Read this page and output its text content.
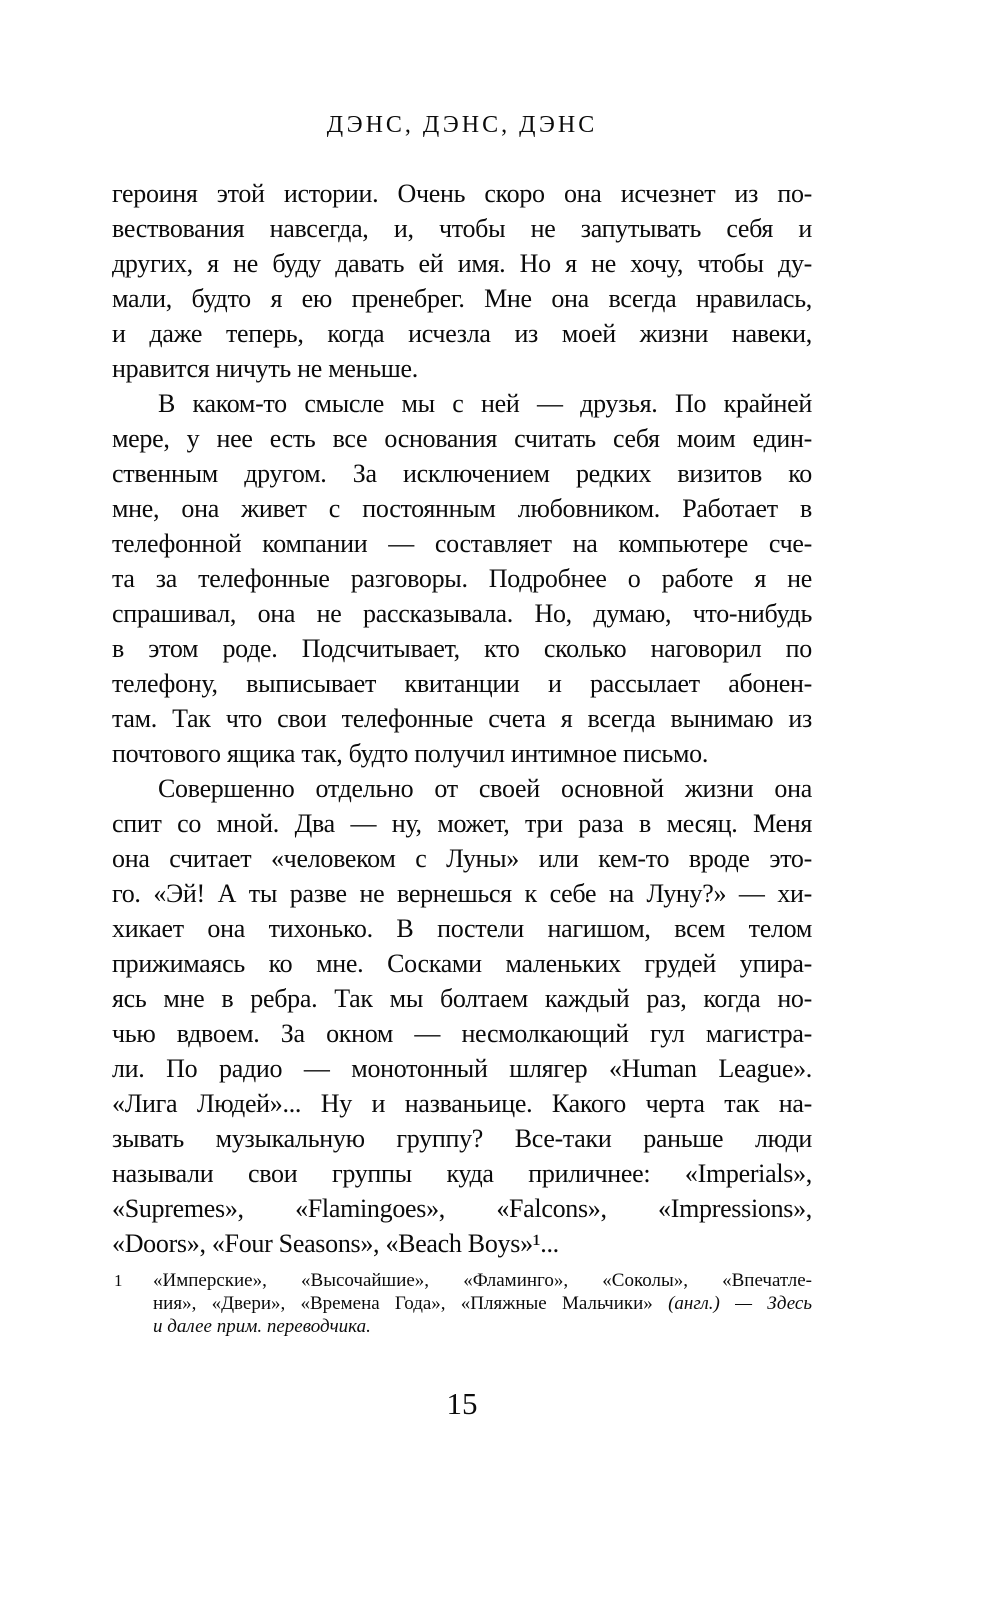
ДЭНС, ДЭНС, ДЭНС
героиня этой истории. Очень скоро она исчезнет из по-
вествования навсегда, и, чтобы не запутывать себя и
других, я не буду давать ей имя. Но я не хочу, чтобы ду-
мали, будто я ею пренебрег. Мне она всегда нравилась,
и даже теперь, когда исчезла из моей жизни навеки,
нравится ничуть не меньше.
В каком-то смысле мы с ней — друзья. По крайней
мере, у нее есть все основания считать себя моим един-
ственным другом. За исключением редких визитов ко
мне, она живет с постоянным любовником. Работает в
телефонной компании — составляет на компьютере сче-
та за телефонные разговоры. Подробнее о работе я не
спрашивал, она не рассказывала. Но, думаю, что-нибудь
в этом роде. Подсчитывает, кто сколько наговорил по
телефону, выписывает квитанции и рассылает абонен-
там. Так что свои телефонные счета я всегда вынимаю из
почтового ящика так, будто получил интимное письмо.
Совершенно отдельно от своей основной жизни она
спит со мной. Два — ну, может, три раза в месяц. Меня
она считает «человеком с Луны» или кем-то вроде это-
го. «Эй! А ты разве не вернешься к себе на Луну?» — хи-
хикает она тихонько. В постели нагишом, всем телом
прижимаясь ко мне. Сосками маленьких грудей упира-
ясь мне в ребра. Так мы болтаем каждый раз, когда но-
чью вдвоем. За окном — несмолкающий гул магистра-
ли. По радио — монотонный шлягер «Human League».
«Лига Людей»... Ну и названьице. Какого черта так на-
зывать музыкальную группу? Все-таки раньше люди
называли свои группы куда приличнее: «Imperials»,
«Supremes», «Flamingoes», «Falcons», «Impressions»,
«Doors», «Four Seasons», «Beach Boys»¹...
1 «Имперские», «Высочайшие», «Фламинго», «Соколы», «Впечатле-
ния», «Двери», «Времена Года», «Пляжные Мальчики» (англ.) — Здесь
и далее прим. переводчика.
15
